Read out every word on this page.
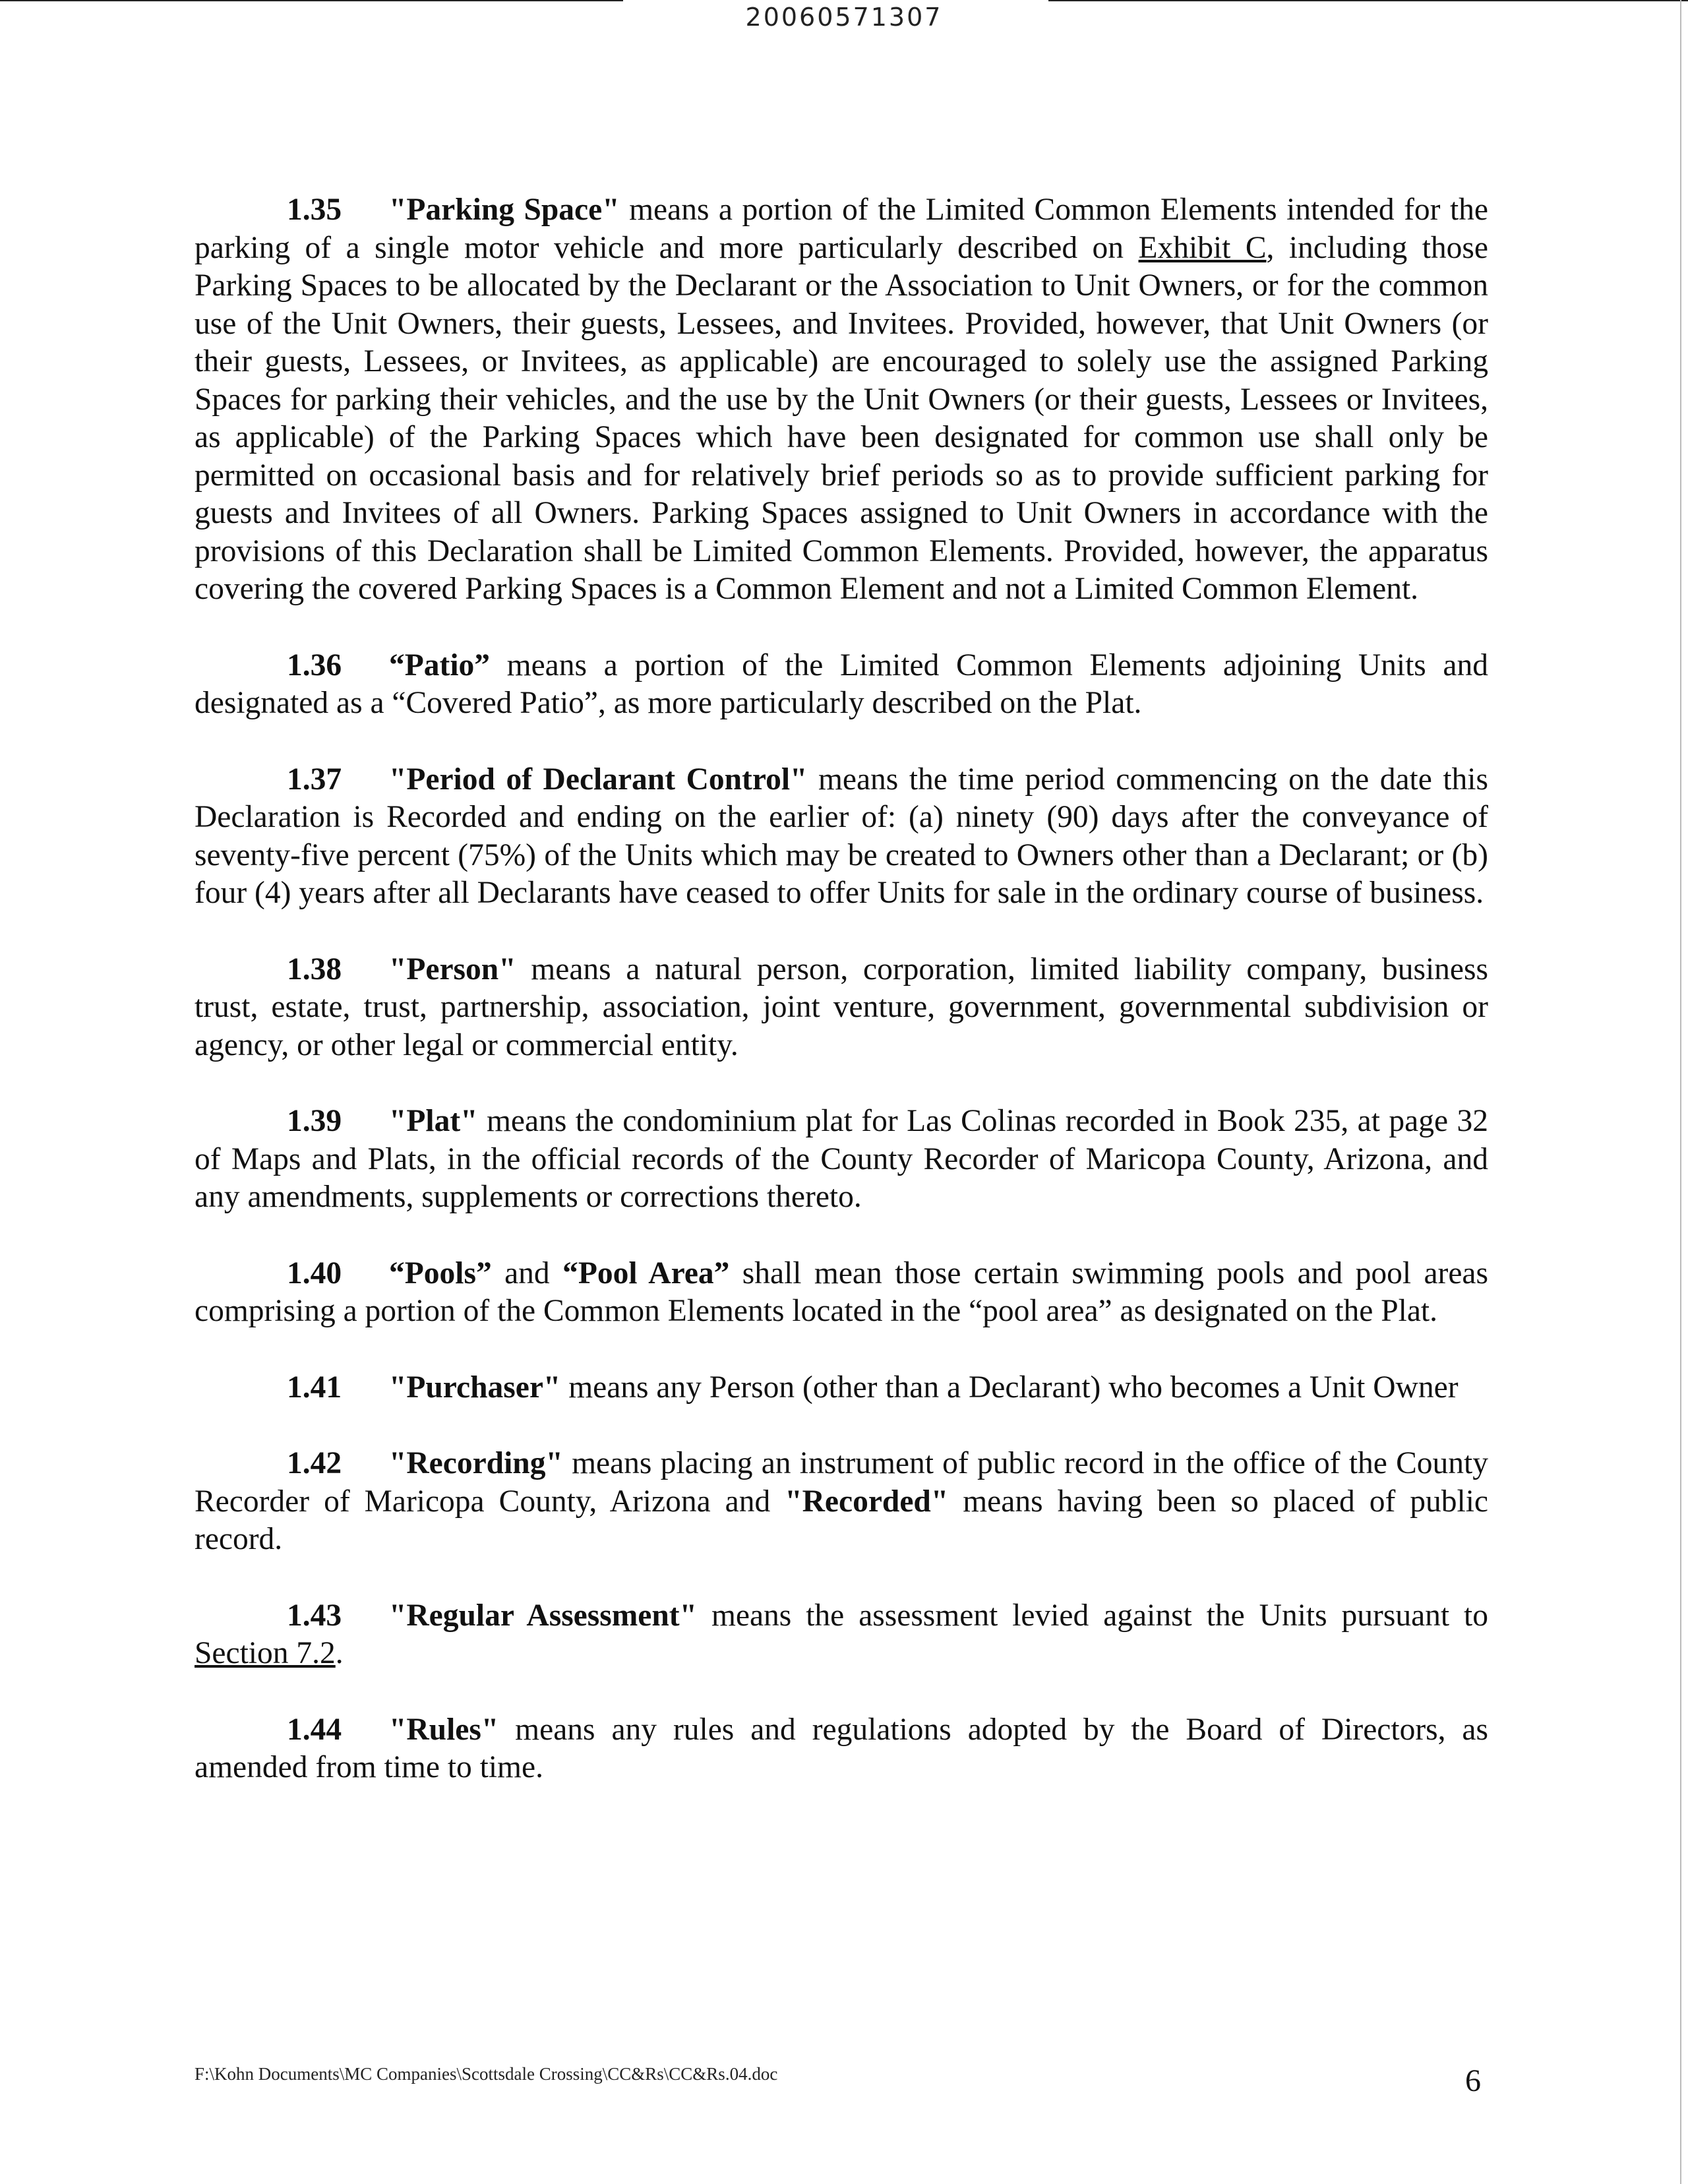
20060571307

1.35 "Parking Space" means a portion of the Limited Common Elements intended for the parking of a single motor vehicle and more particularly described on Exhibit C, including those Parking Spaces to be allocated by the Declarant or the Association to Unit Owners, or for the common use of the Unit Owners, their guests, Lessees, and Invitees. Provided, however, that Unit Owners (or their guests, Lessees, or Invitees, as applicable) are encouraged to solely use the assigned Parking Spaces for parking their vehicles, and the use by the Unit Owners (or their guests, Lessees or Invitees, as applicable) of the Parking Spaces which have been designated for common use shall only be permitted on occasional basis and for relatively brief periods so as to provide sufficient parking for guests and Invitees of all Owners. Parking Spaces assigned to Unit Owners in accordance with the provisions of this Declaration shall be Limited Common Elements. Provided, however, the apparatus covering the covered Parking Spaces is a Common Element and not a Limited Common Element.

1.36 “Patio” means a portion of the Limited Common Elements adjoining Units and designated as a “Covered Patio”, as more particularly described on the Plat.

1.37 "Period of Declarant Control" means the time period commencing on the date this Declaration is Recorded and ending on the earlier of: (a) ninety (90) days after the conveyance of seventy-five percent (75%) of the Units which may be created to Owners other than a Declarant; or (b) four (4) years after all Declarants have ceased to offer Units for sale in the ordinary course of business.

1.38 "Person" means a natural person, corporation, limited liability company, business trust, estate, trust, partnership, association, joint venture, government, governmental subdivision or agency, or other legal or commercial entity.

1.39 "Plat" means the condominium plat for Las Colinas recorded in Book 235, at page 32 of Maps and Plats, in the official records of the County Recorder of Maricopa County, Arizona, and any amendments, supplements or corrections thereto.

1.40 “Pools” and “Pool Area” shall mean those certain swimming pools and pool areas comprising a portion of the Common Elements located in the “pool area” as designated on the Plat.

1.41 "Purchaser" means any Person (other than a Declarant) who becomes a Unit Owner

1.42 "Recording" means placing an instrument of public record in the office of the County Recorder of Maricopa County, Arizona and "Recorded" means having been so placed of public record.

1.43 "Regular Assessment" means the assessment levied against the Units pursuant to Section 7.2.

1.44 "Rules" means any rules and regulations adopted by the Board of Directors, as amended from time to time.

F:\Kohn Documents\MC Companies\Scottsdale Crossing\CC&Rs\CC&Rs.04.doc	6
